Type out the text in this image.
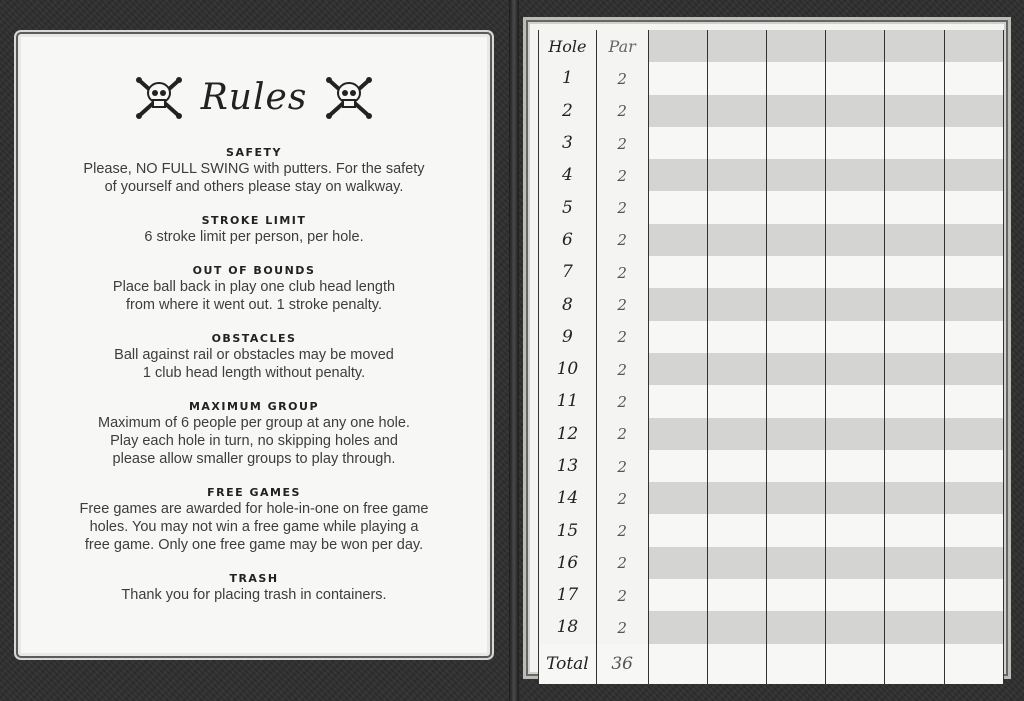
Rules
SAFETY
Please, NO FULL SWING with putters. For the safety
of yourself and others please stay on walkway.
STROKE LIMIT
6 stroke limit per person, per hole.
OUT OF BOUNDS
Place ball back in play one club head length
from where it went out. 1 stroke penalty.
OBSTACLES
Ball against rail or obstacles may be moved
1 club head length without penalty.
MAXIMUM GROUP
Maximum of 6 people per group at any one hole.
Play each hole in turn, no skipping holes and
please allow smaller groups to play through.
FREE GAMES
Free games are awarded for hole-in-one on free game
holes. You may not win a free game while playing a
free game. Only one free game may be won per day.
TRASH
Thank you for placing trash in containers.
Hole	Par						
1	2						
2	2						
3	2						
4	2						
5	2						
6	2						
7	2						
8	2						
9	2						
10	2						
11	2						
12	2						
13	2						
14	2						
15	2						
16	2						
17	2						
18	2						
Total	36						
